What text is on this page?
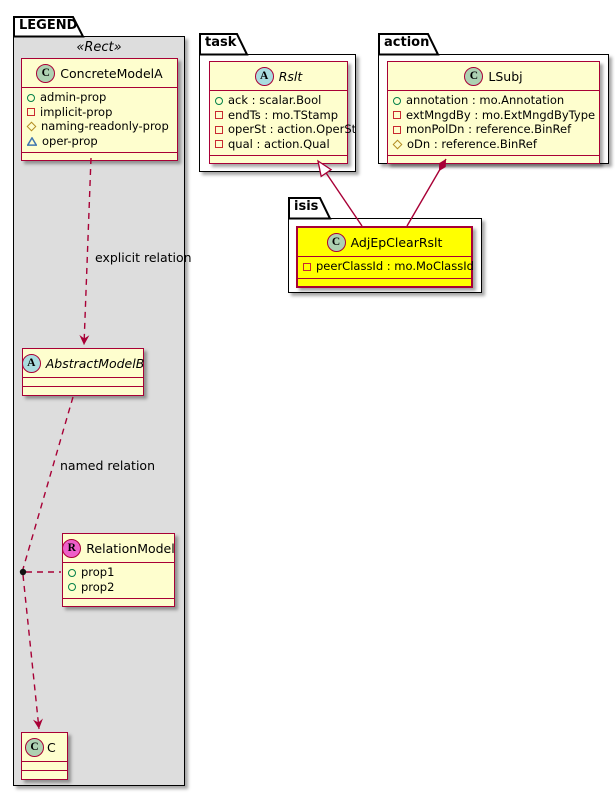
LEGEND
«Rect»
C ConcreteModelA
admin-prop
implicit-prop
naming-readonly-prop
oper-prop
A AbstractModelB
R RelationModel
prop1
prop2
C C
explicit relation
named relation
task
A Rslt
ack : scalar.Bool
endTs : mo.TStamp
operSt : action.OperSt
qual : action.Qual
action
C LSubj
annotation : mo.Annotation
extMngdBy : mo.ExtMngdByType
monPolDn : reference.BinRef
oDn : reference.BinRef
isis
C AdjEpClearRslt
peerClassId : mo.MoClassId
